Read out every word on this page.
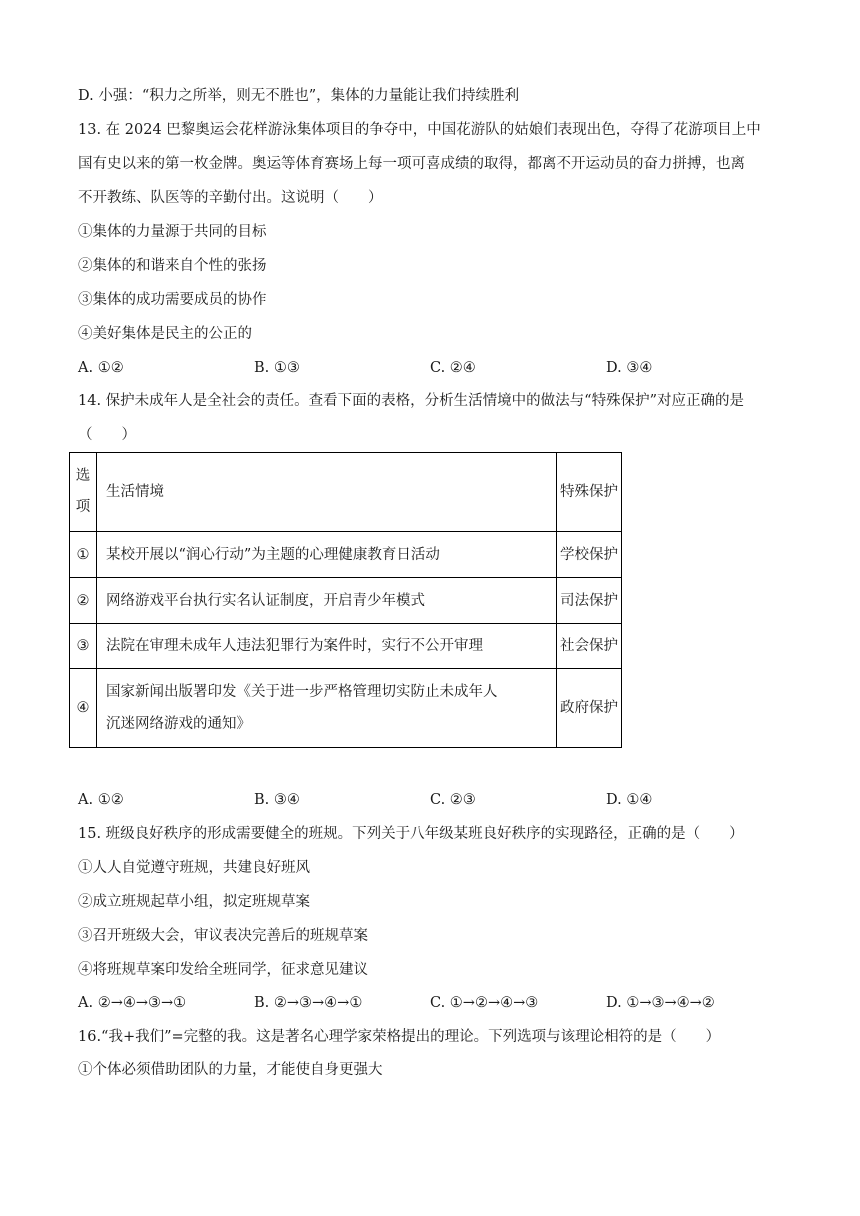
D. 小强：“积力之所举，则无不胜也”，集体的力量能让我们持续胜利
13. 在 2024 巴黎奥运会花样游泳集体项目的争夺中，中国花游队的姑娘们表现出色，夺得了花游项目上中
国有史以来的第一枚金牌。奥运等体育赛场上每一项可喜成绩的取得，都离不开运动员的奋力拼搏，也离
不开教练、队医等的辛勤付出。这说明（　　）
①集体的力量源于共同的目标
②集体的和谐来自个性的张扬
③集体的成功需要成员的协作
④美好集体是民主的公正的
A. ①②	B. ①③	C. ②④	D. ③④
14. 保护未成年人是全社会的责任。查看下面的表格，分析生活情境中的做法与“特殊保护”对应正确的是
（　　）
选
项	生活情境	特殊保护
①	某校开展以“润心行动”为主题的心理健康教育日活动	学校保护
②	网络游戏平台执行实名认证制度，开启青少年模式	司法保护
③	法院在审理未成年人违法犯罪行为案件时，实行不公开审理	社会保护
④	国家新闻出版署印发《关于进一步严格管理切实防止未成年人
沉迷网络游戏的通知》	政府保护
A. ①②	B. ③④	C. ②③	D. ①④
15. 班级良好秩序的形成需要健全的班规。下列关于八年级某班良好秩序的实现路径，正确的是（　　）
①人人自觉遵守班规，共建良好班风
②成立班规起草小组，拟定班规草案
③召开班级大会，审议表决完善后的班规草案
④将班规草案印发给全班同学，征求意见建议
A. ②→④→③→①	B. ②→③→④→①	C. ①→②→④→③	D. ①→③→④→②
16.“我+我们”=完整的我。这是著名心理学家荣格提出的理论。下列选项与该理论相符的是（　　）
①个体必须借助团队的力量，才能使自身更强大
